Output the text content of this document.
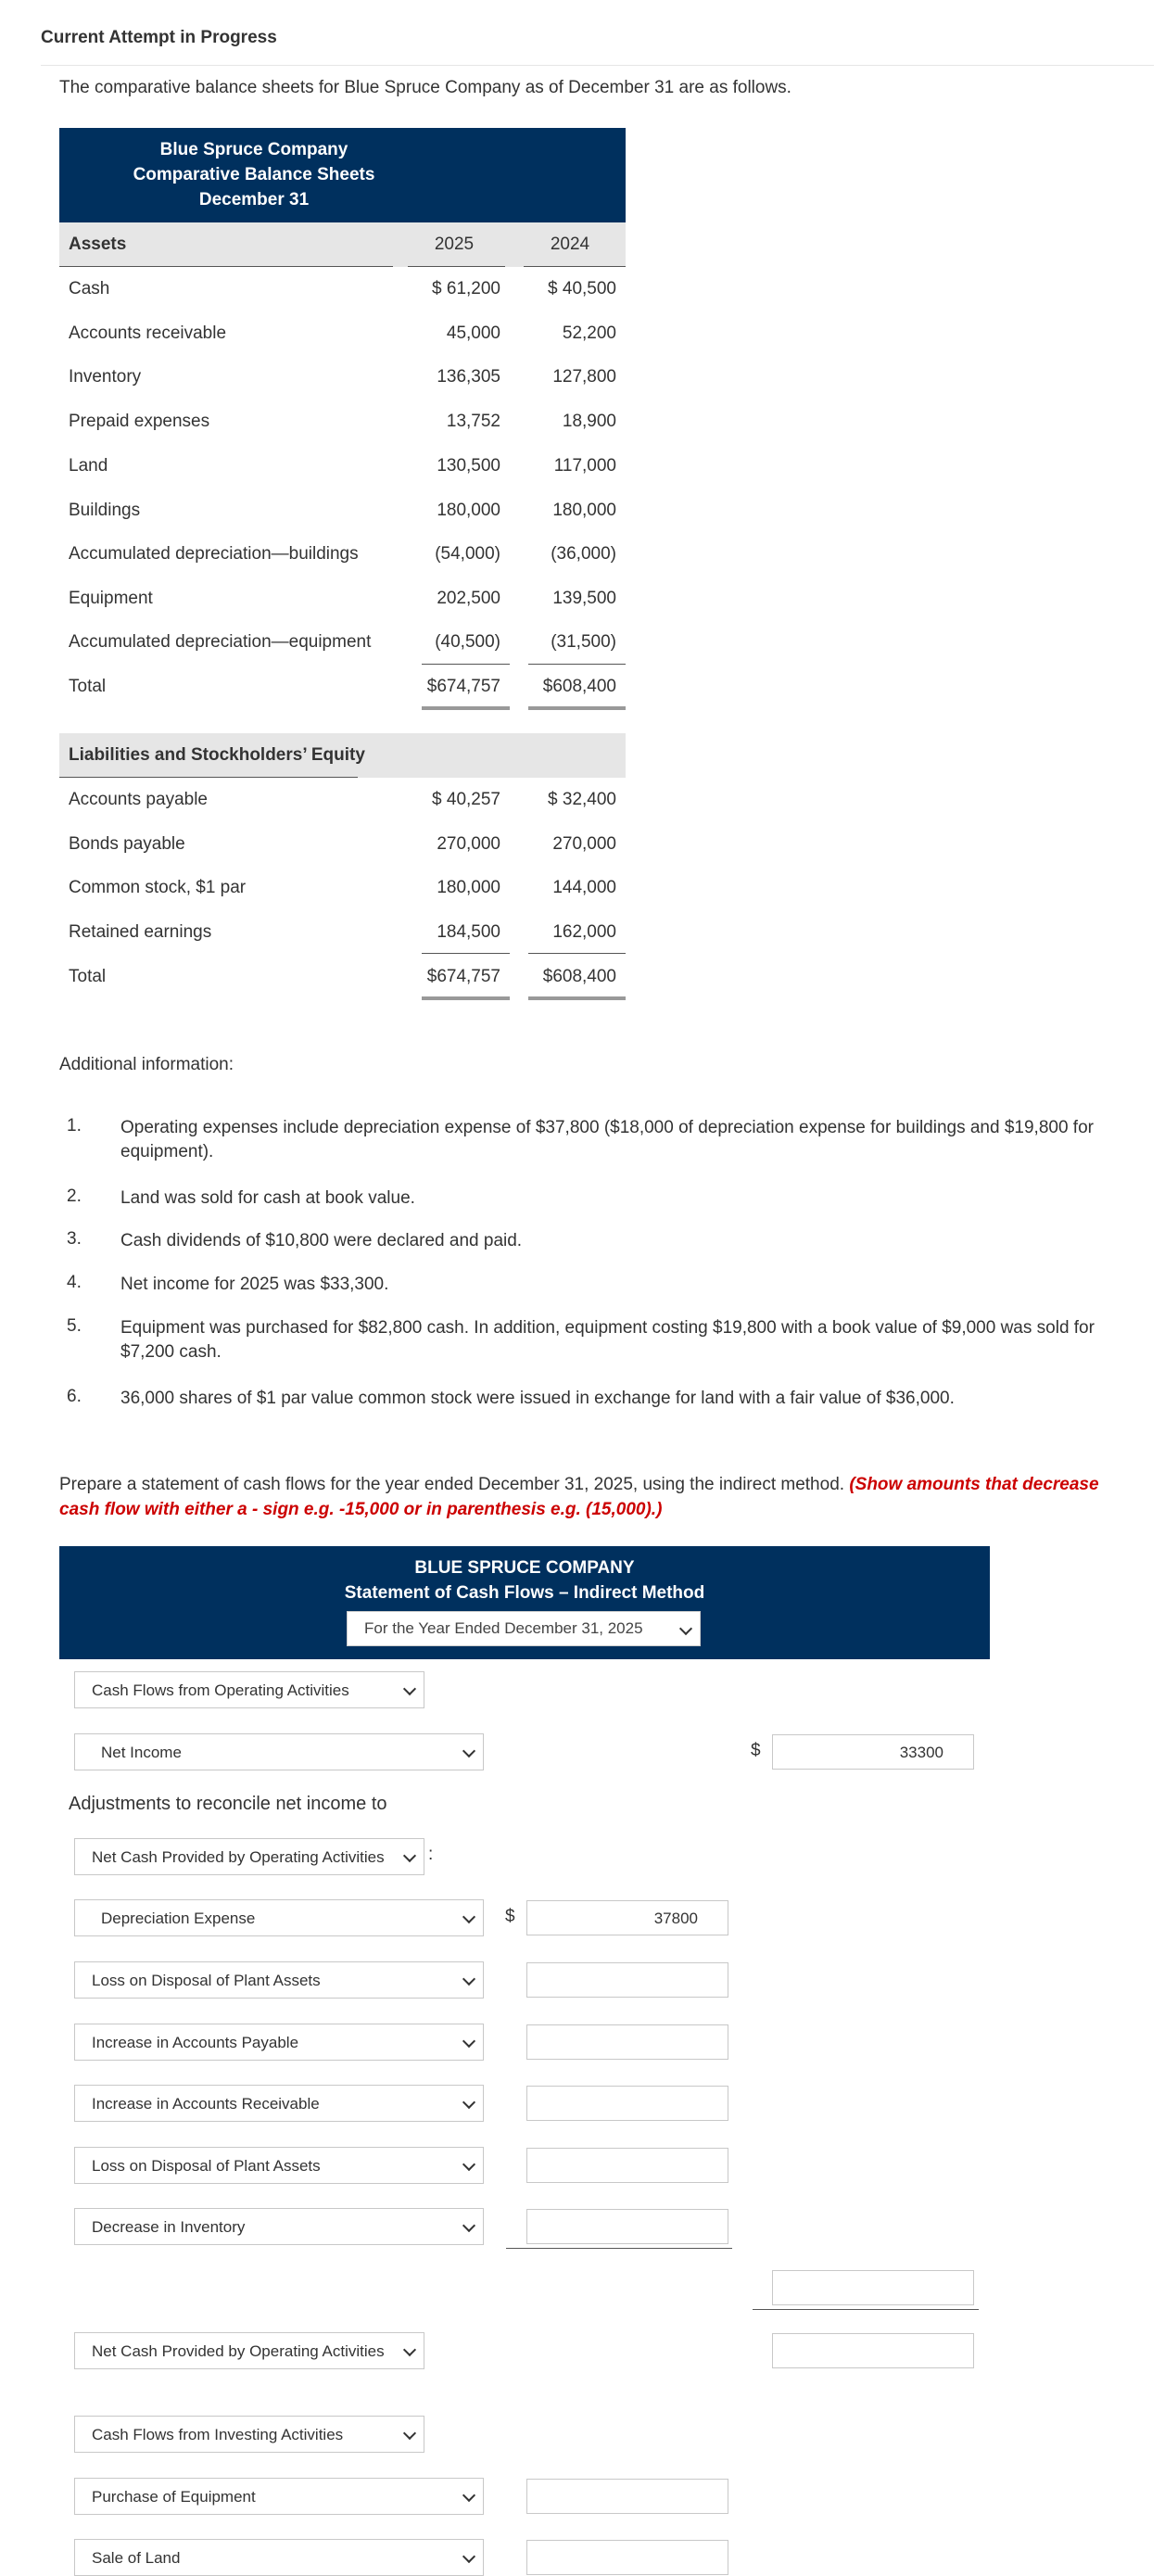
Current Attempt in Progress
The comparative balance sheets for Blue Spruce Company as of December 31 are as follows.
Blue Spruce Company
Comparative Balance Sheets
December 31
Assets	2025	2024
Cash	$ 61,200	$ 40,500
Accounts receivable	45,000	52,200
Inventory	136,305	127,800
Prepaid expenses	13,752	18,900
Land	130,500	117,000
Buildings	180,000	180,000
Accumulated depreciation—buildings	(54,000)	(36,000)
Equipment	202,500	139,500
Accumulated depreciation—equipment	(40,500)	(31,500)
Total	$674,757	$608,400
Liabilities and Stockholders’ Equity
Accounts payable	$ 40,257	$ 32,400
Bonds payable	270,000	270,000
Common stock, $1 par	180,000	144,000
Retained earnings	184,500	162,000
Total	$674,757	$608,400
Additional information:
1. Operating expenses include depreciation expense of $37,800 ($18,000 of depreciation expense for buildings and $19,800 for equipment).
2. Land was sold for cash at book value.
3. Cash dividends of $10,800 were declared and paid.
4. Net income for 2025 was $33,300.
5. Equipment was purchased for $82,800 cash. In addition, equipment costing $19,800 with a book value of $9,000 was sold for $7,200 cash.
6. 36,000 shares of $1 par value common stock were issued in exchange for land with a fair value of $36,000.
Prepare a statement of cash flows for the year ended December 31, 2025, using the indirect method. (Show amounts that decrease cash flow with either a - sign e.g. -15,000 or in parenthesis e.g. (15,000).)
BLUE SPRUCE COMPANY
Statement of Cash Flows – Indirect Method
For the Year Ended December 31, 2025
Cash Flows from Operating Activities
Net Income	$	33300
Adjustments to reconcile net income to
Net Cash Provided by Operating Activities	:
Depreciation Expense	$	37800
Loss on Disposal of Plant Assets
Increase in Accounts Payable
Increase in Accounts Receivable
Loss on Disposal of Plant Assets
Decrease in Inventory
Net Cash Provided by Operating Activities
Cash Flows from Investing Activities
Purchase of Equipment
Sale of Land
